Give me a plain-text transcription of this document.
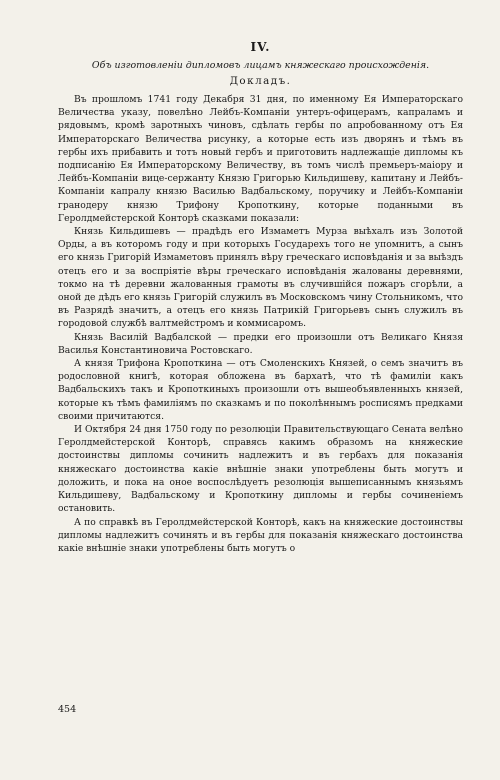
IV.
Объ изготовленіи дипломовъ лицамъ княжескаго происхожденія.
Докладъ.

Въ прошломъ 1741 году Декабря 31 дня, по именному Ея Императорскаго Величества указу, повелѣно Лейбъ-Компаніи унтеръ-офицерамъ, капраламъ и рядовымъ, кромѣ заротныхъ чиновъ, сдѣлать гербы по апробованному отъ Ея Императорскаго Величества рисунку, а которые есть изъ дворянъ и тѣмъ въ гербы ихъ прибавить и тотъ новый гербъ и приготовить надлежащіе дипломы къ подписанію Ея Императорскому Величеству, въ томъ числѣ премьеръ-маіору и Лейбъ-Компаніи вице-сержанту Князю Григорью Кильдишеву, капитану и Лейбъ-Компаніи капралу князю Василью Вадбальскому, поручику и Лейбъ-Компаніи гранодеру князю Трифону Кропоткину, которые поданными въ Геролдмейстерской Конторѣ сказками показали:

Князь Кильдишевъ — прадѣдъ его Измаметъ Мурза выѣхалъ изъ Золотой Орды, а въ которомъ году и при которыхъ Государехъ того не упомнитъ, а сынъ его князь Григорій Измаметовъ принялъ вѣру греческаго исповѣданія и за выѣздъ отецъ его и за воспріятіе вѣры греческаго исповѣданія жалованы деревнями, токмо на тѣ деревни жалованныя грамоты въ случившійся пожаръ сгорѣли, а оной де дѣдъ его князь Григорій служилъ въ Московскомъ чину Стольникомъ, что въ Разрядѣ значитъ, а отецъ его князь Патрикій Григорьевъ сынъ служилъ въ городовой службѣ валтмейстромъ и коммисаромъ.

Князь Василій Вадбалской — предки его произошли отъ Великаго Князя Василья Константиновича Ростовскаго.

А князя Трифона Кропоткина — отъ Смоленскихъ Князей, о семъ значитъ въ родословной книгѣ, которая обложена въ бархатѣ, что тѣ фамиліи какъ Вадбальскихъ такъ и Кропоткиныхъ произошли отъ вышеобъявленныхъ князей, которые къ тѣмъ фамиліямъ по сказкамъ и по поколѣннымъ росписямъ предками своими причитаются.

И Октября 24 дня 1750 году по резолюціи Правительствующаго Сената велѣно Геролдмейстерской Конторѣ, справясь какимъ образомъ на княжеские достоинствы дипломы сочинить надлежитъ и въ гербахъ для показанія княжескаго достоинства какіе внѣшніе знаки употреблены быть могутъ и доложить, и пока на оное воспослѣдуетъ резолюція вышеписаннымъ князьямъ Кильдишеву, Вадбальскому и Кропоткину дипломы и гербы сочиненіемъ остановить.

А по справкѣ въ Геролдмейстерской Конторѣ, какъ на княжеские достоинствы дипломы надлежитъ сочинять и въ гербы для показанія княжескаго достоинства какіе внѣшніе знаки употреблены быть могутъ о

454
